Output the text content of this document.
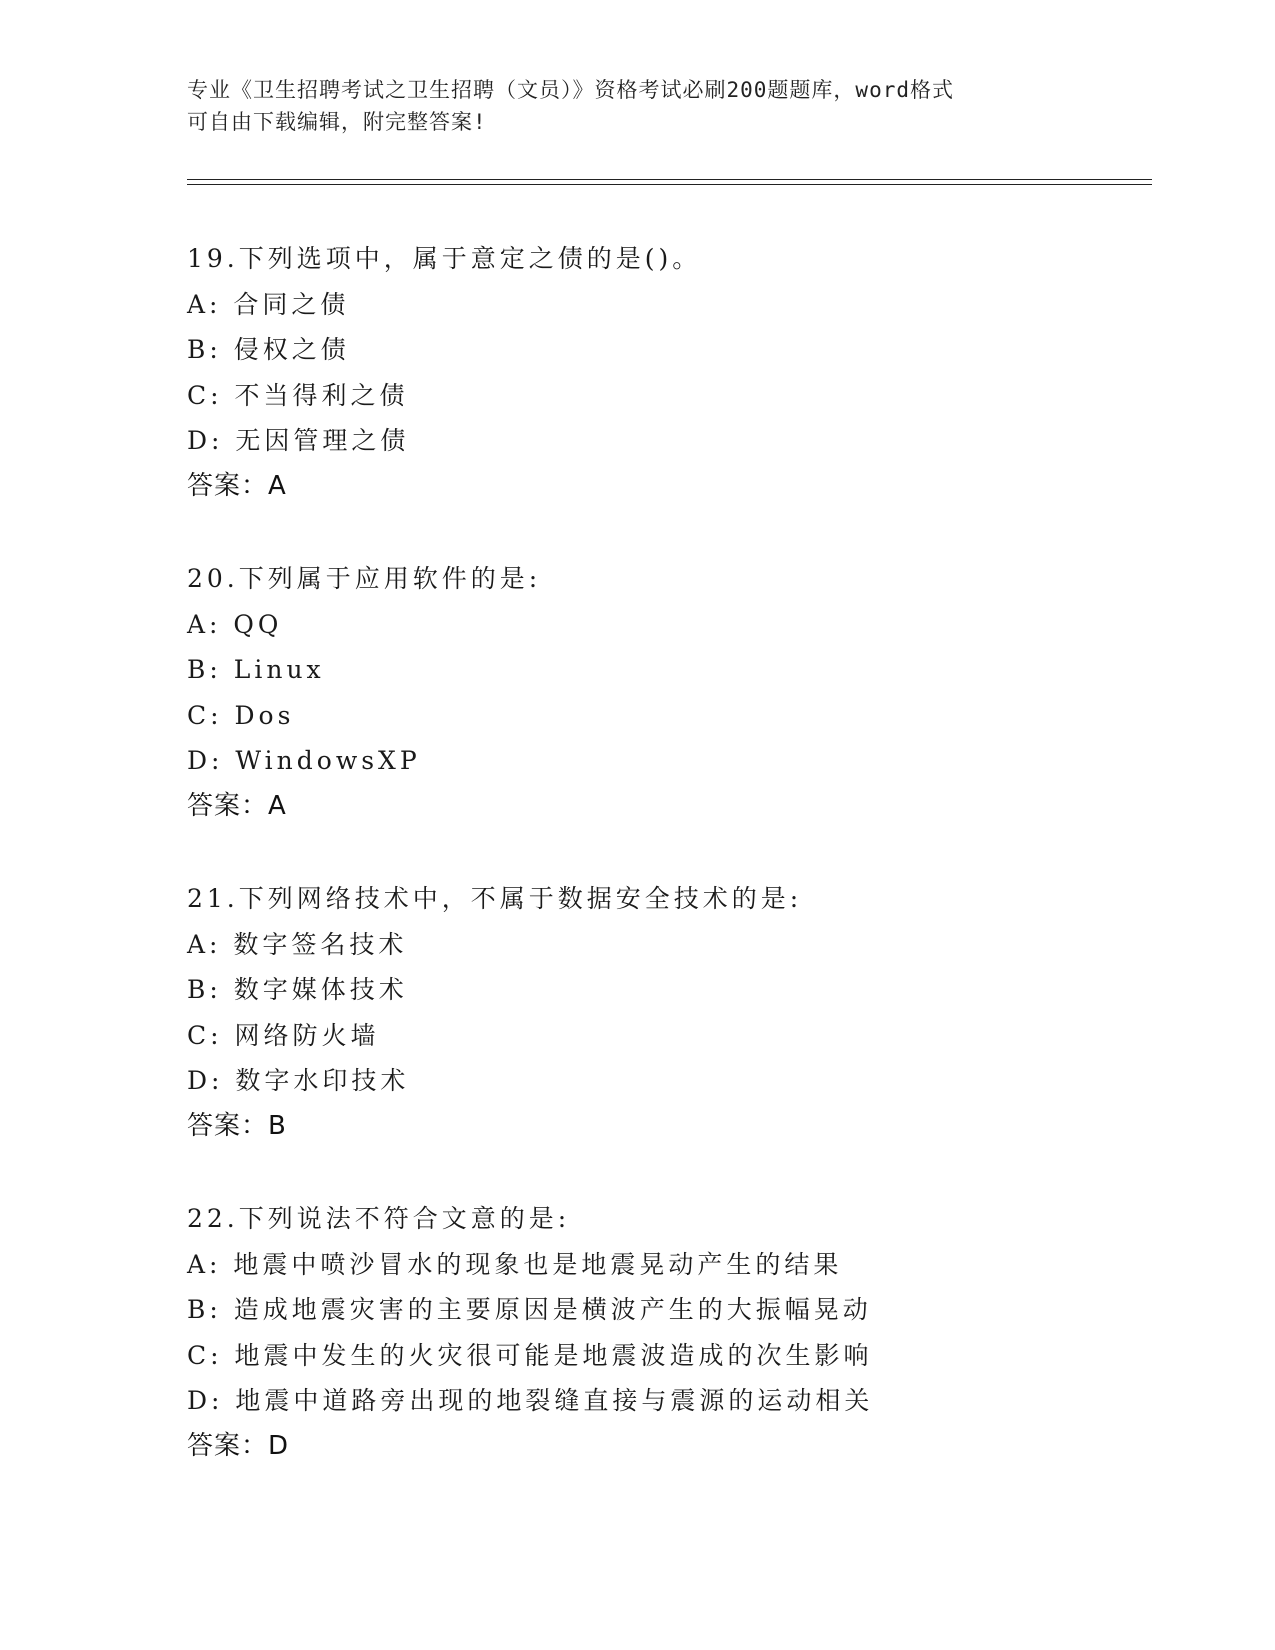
专业《卫生招聘考试之卫生招聘（文员）》资格考试必刷200题题库，word格式
可自由下载编辑，附完整答案!
19.下列选项中，属于意定之债的是()。
A: 合同之债
B: 侵权之债
C: 不当得利之债
D: 无因管理之债
答案：A
20.下列属于应用软件的是:
A: QQ
B: Linux
C: Dos
D: WindowsXP
答案：A
21.下列网络技术中，不属于数据安全技术的是:
A: 数字签名技术
B: 数字媒体技术
C: 网络防火墙
D: 数字水印技术
答案：B
22.下列说法不符合文意的是:
A: 地震中喷沙冒水的现象也是地震晃动产生的结果
B: 造成地震灾害的主要原因是横波产生的大振幅晃动
C: 地震中发生的火灾很可能是地震波造成的次生影响
D: 地震中道路旁出现的地裂缝直接与震源的运动相关
答案：D
